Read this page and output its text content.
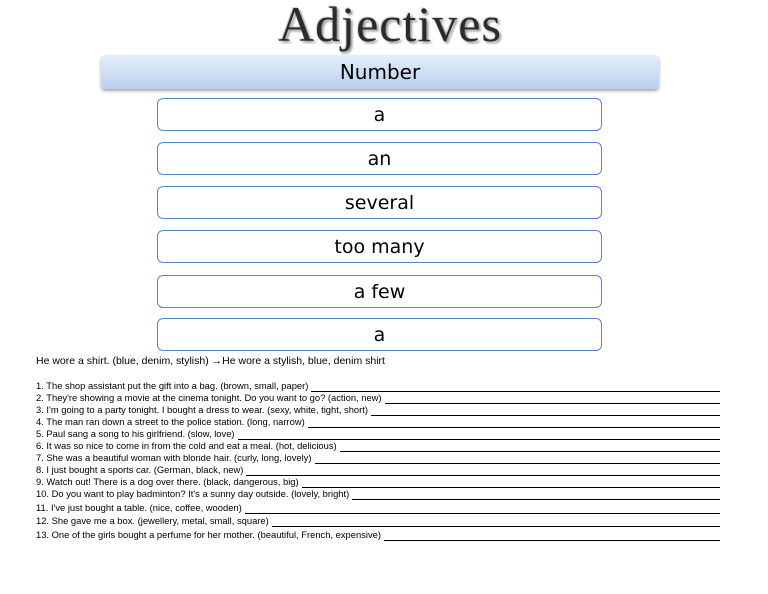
Adjectives
Number
a
an
several
too many
a few
a
He wore a shirt. (blue, denim, stylish) →He wore a stylish, blue, denim shirt
1. The shop assistant put the gift into a bag. (brown, small, paper)
2. They're showing a movie at the cinema tonight. Do you want to go? (action, new)
3. I'm going to a party tonight. I bought a dress to wear. (sexy, white, tight, short)
4. The man ran down a street to the police station. (long, narrow)
5. Paul sang a song to his girlfriend. (slow, love)
6. It was so nice to come in from the cold and eat a meal. (hot, delicious)
7. She was a beautiful woman with blonde hair. (curly, long, lovely)
8. I just bought a sports car. (German, black, new)
9. Watch out! There is a dog over there. (black, dangerous, big)
10. Do you want to play badminton? It's a sunny day outside. (lovely, bright)
11. I've just bought a table. (nice, coffee, wooden)
12. She gave me a box. (jewellery, metal, small, square)
13. One of the girls bought a perfume for her mother. (beautiful, French, expensive)
